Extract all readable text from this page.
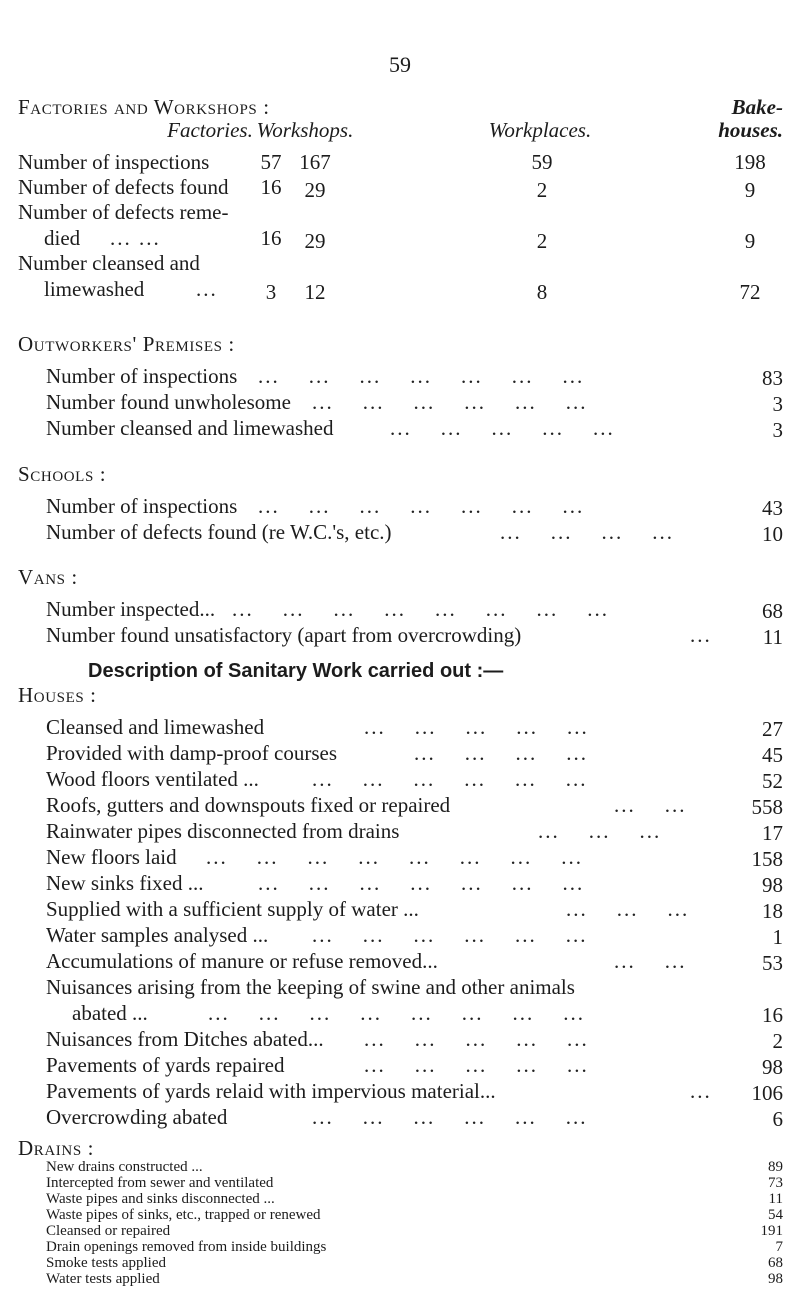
59
Factories and Workshops :	Bake-
Factories. Workshops.	Workplaces.	houses.
Number of inspections	57 167	59	198
Number of defects found	16	29	2	9
Number of defects reme-
died ... ...	16	29	2	9
Number cleansed and
limewashed ...	3	12	8	72
Outworkers' Premises :
Number of inspections ...    ...    ...    ...    ...    ...    ...	83
Number found unwholesome ...    ...    ...    ...    ...    ...	3
Number cleansed and limewashed	...    ...    ...    ...    ...	3
Schools :
Number of inspections ...    ...    ...    ...    ...    ...    ...	43
Number of defects found (re W.C.'s, etc.)	...    ...    ...    ...	10
Vans :
Number inspected... ...    ...    ...    ...    ...    ...    ...    ...	68
Number found unsatisfactory (apart from overcrowding)	...	11
Description of Sanitary Work carried out :—
Houses :
Cleansed and limewashed	...    ...    ...    ...    ...	27
Provided with damp-proof courses	...    ...    ...    ...	45
Wood floors ventilated ...	...    ...    ...    ...    ...    ...	52
Roofs, gutters and downspouts fixed or repaired	...    ...	558
Rainwater pipes disconnected from drains	...    ...    ...	17
New floors laid ...    ...    ...    ...    ...    ...    ...    ...	158
New sinks fixed ...	...    ...    ...    ...    ...    ...    ...	98
Supplied with a sufficient supply of water ...	...    ...    ...	18
Water samples analysed ... ...    ...    ...    ...    ...    ...	1
Accumulations of manure or refuse removed...	...    ...	53
Nuisances arising from the keeping of swine and other animals
abated ...	...    ...    ...    ...    ...    ...    ...    ...	16
Nuisances from Ditches abated... ...    ...    ...    ...    ...	2
Pavements of yards repaired	...    ...    ...    ...    ...	98
Pavements of yards relaid with impervious material...	...	106
Overcrowding abated	...    ...    ...    ...    ...    ...	6
Drains :
New drains constructed ...	89
Intercepted from sewer and ventilated	73
Waste pipes and sinks disconnected ...	11
Waste pipes of sinks, etc., trapped or renewed	54
Cleansed or repaired	191
Drain openings removed from inside buildings	7
Smoke tests applied	68
Water tests applied	98
